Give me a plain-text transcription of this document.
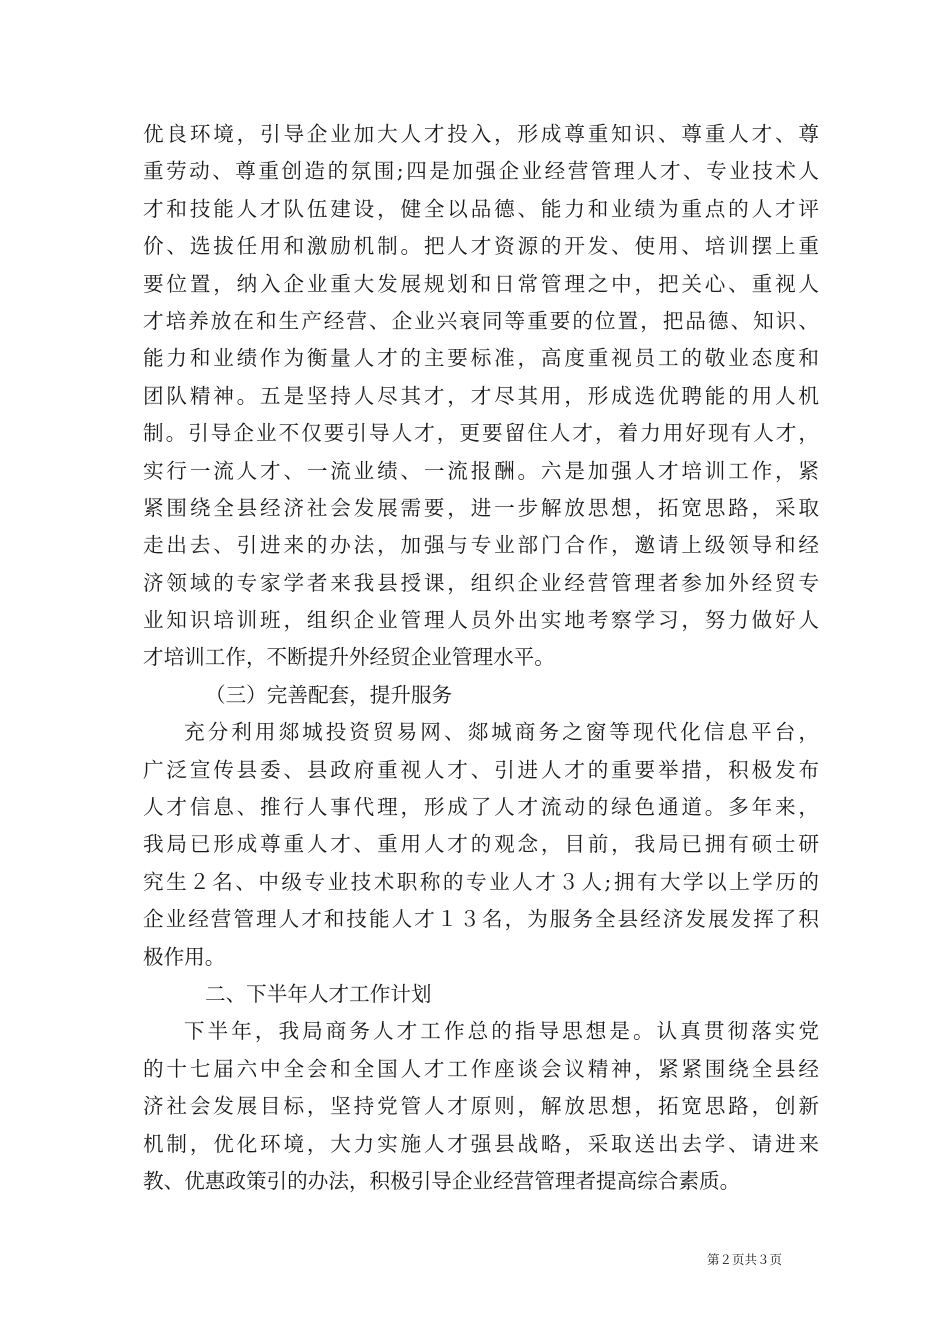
优良环境，引导企业加大人才投入，形成尊重知识、尊重人才、尊
重劳动、尊重创造的氛围;四是加强企业经营管理人才、专业技术人
才和技能人才队伍建设，健全以品德、能力和业绩为重点的人才评
价、选拔任用和激励机制。把人才资源的开发、使用、培训摆上重
要位置，纳入企业重大发展规划和日常管理之中，把关心、重视人
才培养放在和生产经营、企业兴衰同等重要的位置，把品德、知识、
能力和业绩作为衡量人才的主要标准，高度重视员工的敬业态度和
团队精神。五是坚持人尽其才，才尽其用，形成选优聘能的用人机
制。引导企业不仅要引导人才，更要留住人才，着力用好现有人才，
实行一流人才、一流业绩、一流报酬。六是加强人才培训工作，紧
紧围绕全县经济社会发展需要，进一步解放思想，拓宽思路，采取
走出去、引进来的办法，加强与专业部门合作，邀请上级领导和经
济领域的专家学者来我县授课，组织企业经营管理者参加外经贸专
业知识培训班，组织企业管理人员外出实地考察学习，努力做好人
才培训工作，不断提升外经贸企业管理水平。
（三）完善配套，提升服务
充分利用郯城投资贸易网、郯城商务之窗等现代化信息平台，
广泛宣传县委、县政府重视人才、引进人才的重要举措，积极发布
人才信息、推行人事代理，形成了人才流动的绿色通道。多年来，
我局已形成尊重人才、重用人才的观念，目前，我局已拥有硕士研
究生２名、中级专业技术职称的专业人才３人;拥有大学以上学历的
企业经营管理人才和技能人才１３名，为服务全县经济发展发挥了积
极作用。
二、下半年人才工作计划
下半年，我局商务人才工作总的指导思想是。认真贯彻落实党
的十七届六中全会和全国人才工作座谈会议精神，紧紧围绕全县经
济社会发展目标，坚持党管人才原则，解放思想，拓宽思路，创新
机制，优化环境，大力实施人才强县战略，采取送出去学、请进来
教、优惠政策引的办法，积极引导企业经营管理者提高综合素质。
第２页共３页
